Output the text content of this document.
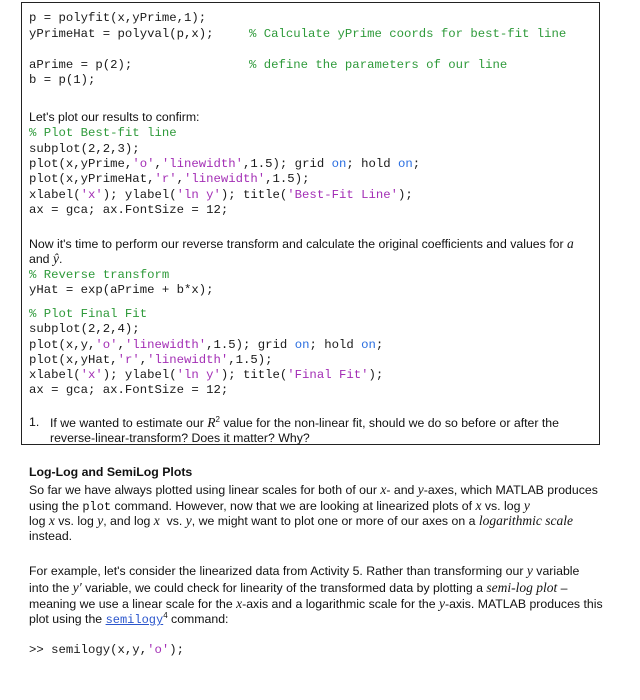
p = polyfit(x,yPrime,1);
yPrimeHat = polyval(p,x);	% Calculate yPrime coords for best-fit line
aPrime = p(2);	% define the parameters of our line
b = p(1);
Let's plot our results to confirm:
% Plot Best-fit line
subplot(2,2,3);
plot(x,yPrime,'o','linewidth',1.5); grid on; hold on;
plot(x,yPrimeHat,'r','linewidth',1.5);
xlabel('x'); ylabel('ln y'); title('Best-Fit Line');
ax = gca; ax.FontSize = 12;
Now it's time to perform our reverse transform and calculate the original coefficients and values for a
and ŷ.
% Reverse transform
yHat = exp(aPrime + b*x);
% Plot Final Fit
subplot(2,2,4);
plot(x,y,'o','linewidth',1.5); grid on; hold on;
plot(x,yHat,'r','linewidth',1.5);
xlabel('x'); ylabel('ln y'); title('Final Fit');
ax = gca; ax.FontSize = 12;
1. If we wanted to estimate our $R^2$ value for the non-linear fit, should we do so before or after the
reverse-linear-transform? Does it matter? Why?
Log-Log and SemiLog Plots
So far we have always plotted using linear scales for both of our x- and y-axes, which MATLAB produces
using the plot command. However, now that we are looking at linearized plots of x vs. log y
log x vs. log y, and log x  vs. y, we might want to plot one or more of our axes on a logarithmic scale
instead.
For example, let's consider the linearized data from Activity 5. Rather than transforming our y variable
into the y′ variable, we could check for linearity of the transformed data by plotting a semi-log plot –
meaning we use a linear scale for the x-axis and a logarithmic scale for the y-axis. MATLAB produces this
plot using the semilogy$^4$ command:
>> semilogy(x,y,'o');
